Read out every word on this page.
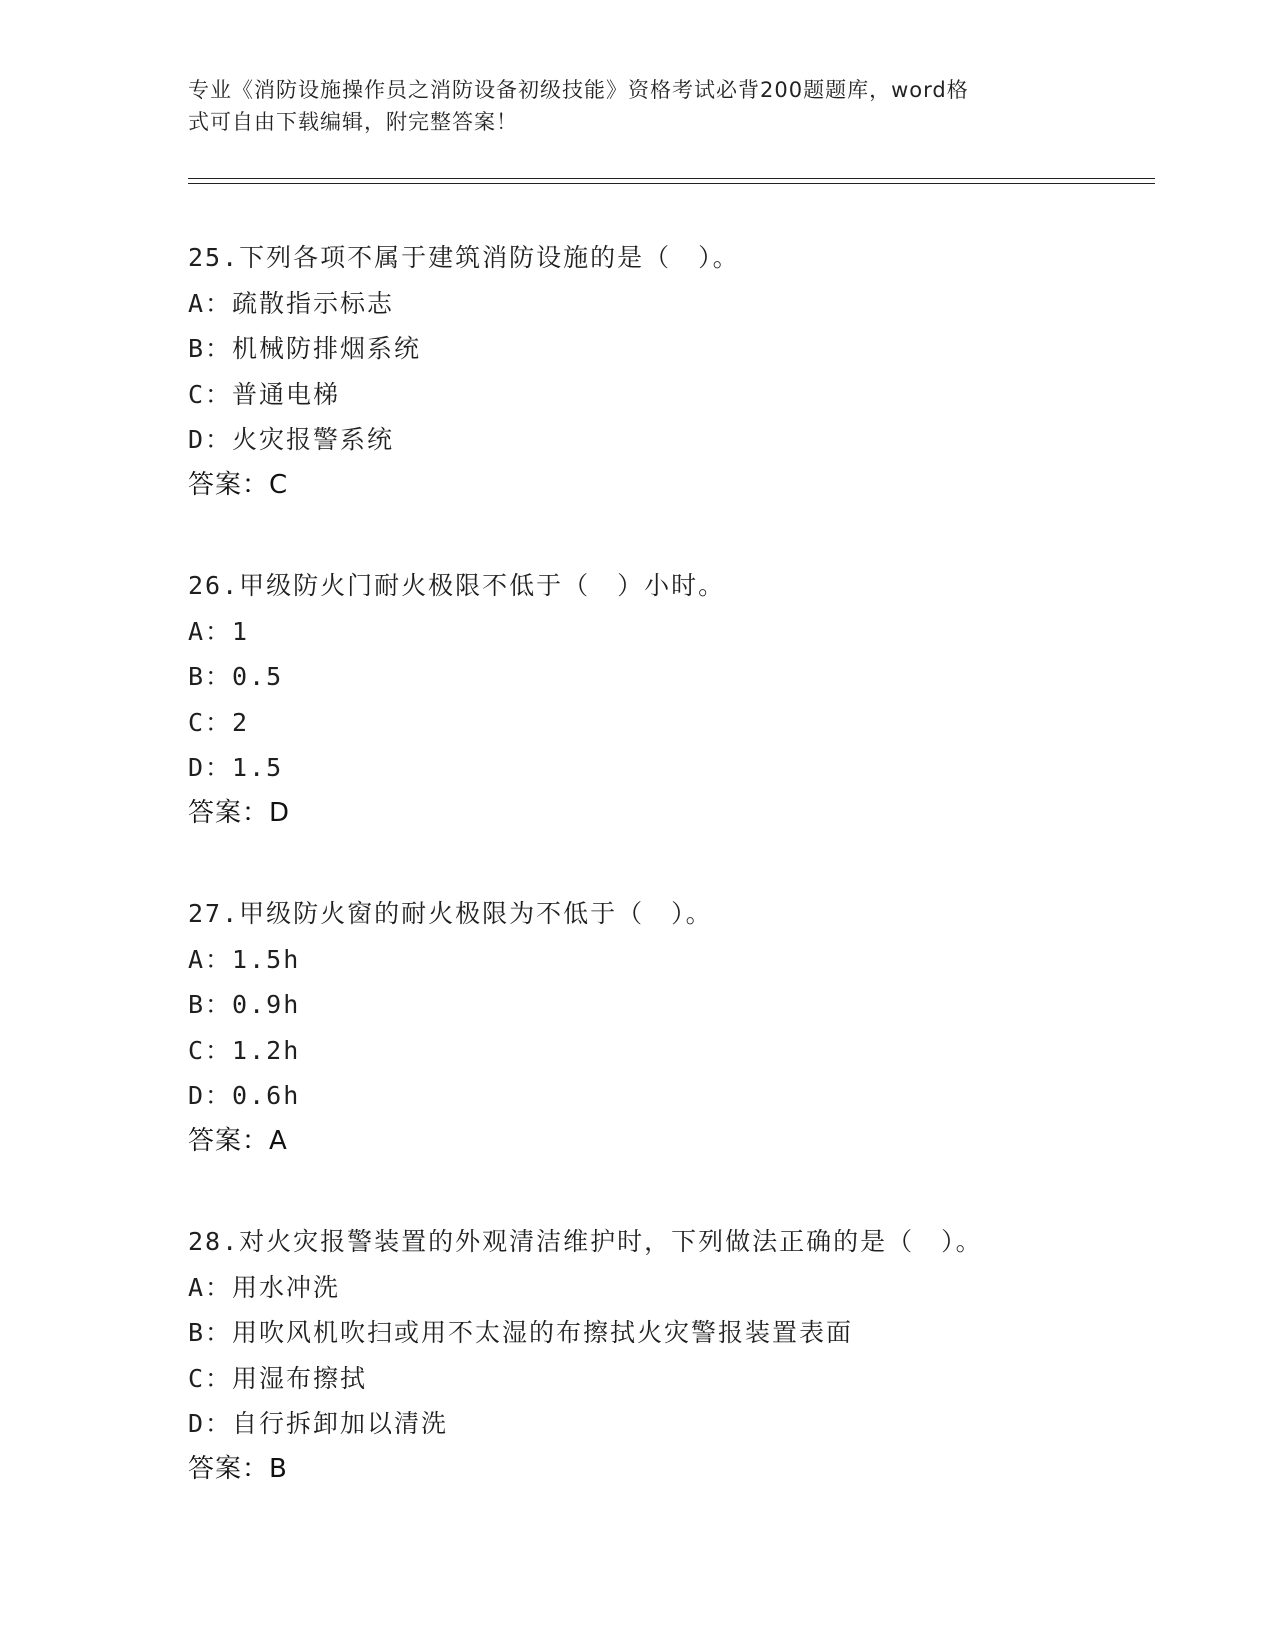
专业《消防设施操作员之消防设备初级技能》资格考试必背200题题库，word格
式可自由下载编辑，附完整答案！
25.下列各项不属于建筑消防设施的是（　）。
A：疏散指示标志
B：机械防排烟系统
C：普通电梯
D：火灾报警系统
答案：C
26.甲级防火门耐火极限不低于（　）小时。
A：1
B：0.5
C：2
D：1.5
答案：D
27.甲级防火窗的耐火极限为不低于（　）。
A：1.5h
B：0.9h
C：1.2h
D：0.6h
答案：A
28.对火灾报警装置的外观清洁维护时，下列做法正确的是（　）。
A：用水冲洗
B：用吹风机吹扫或用不太湿的布擦拭火灾警报装置表面
C：用湿布擦拭
D：自行拆卸加以清洗
答案：B
